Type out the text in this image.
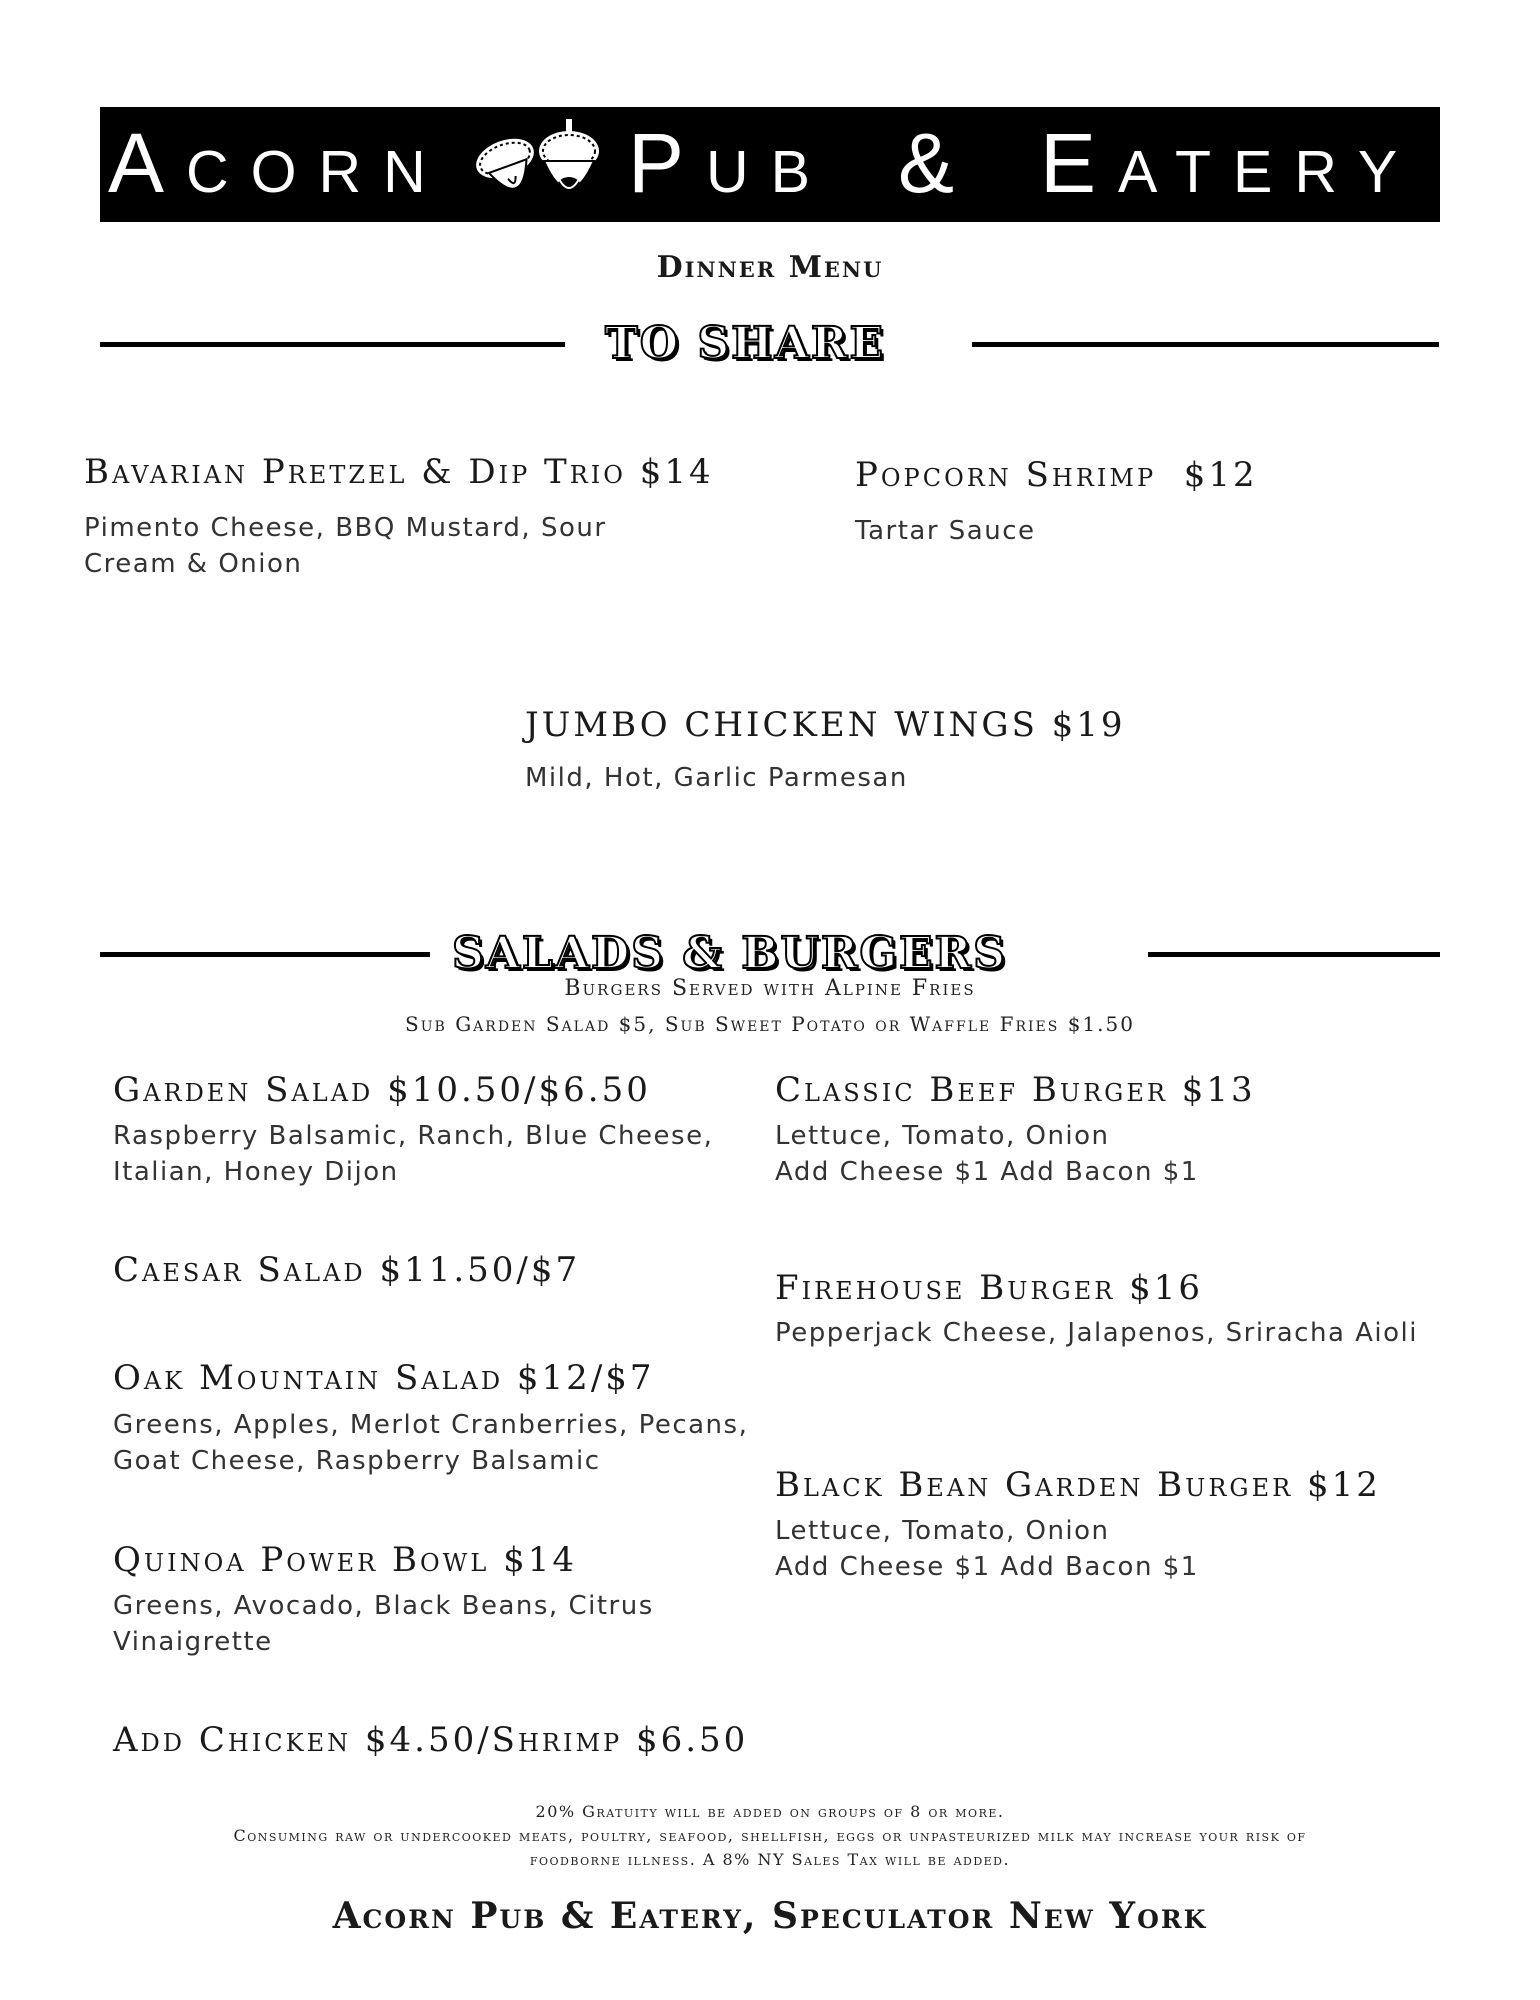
Acorn Pub & Eatery
Dinner Menu
TO SHARE
Bavarian Pretzel & Dip Trio $14
Pimento Cheese, BBQ Mustard, Sour
Cream & Onion
Popcorn Shrimp  $12
Tartar Sauce
JUMBO CHICKEN WINGS $19
Mild, Hot, Garlic Parmesan
SALADS & BURGERS
Burgers Served with Alpine Fries
Sub Garden Salad $5, Sub Sweet Potato or Waffle Fries $1.50
Garden Salad $10.50/$6.50
Raspberry Balsamic, Ranch, Blue Cheese,
Italian, Honey Dijon
Caesar Salad $11.50/$7
Oak Mountain Salad $12/$7
Greens, Apples, Merlot Cranberries, Pecans,
Goat Cheese, Raspberry Balsamic
Quinoa Power Bowl $14
Greens, Avocado, Black Beans, Citrus
Vinaigrette
Add Chicken $4.50/Shrimp $6.50
Classic Beef Burger $13
Lettuce, Tomato, Onion
Add Cheese $1 Add Bacon $1
Firehouse Burger $16
Pepperjack Cheese, Jalapenos, Sriracha Aioli
Black Bean Garden Burger $12
Lettuce, Tomato, Onion
Add Cheese $1 Add Bacon $1
20% Gratuity will be added on groups of 8 or more.
Consuming raw or undercooked meats, poultry, seafood, shellfish, eggs or unpasteurized milk may increase your risk of
foodborne illness. A 8% NY Sales Tax will be added.
Acorn Pub & Eatery, Speculator New York
